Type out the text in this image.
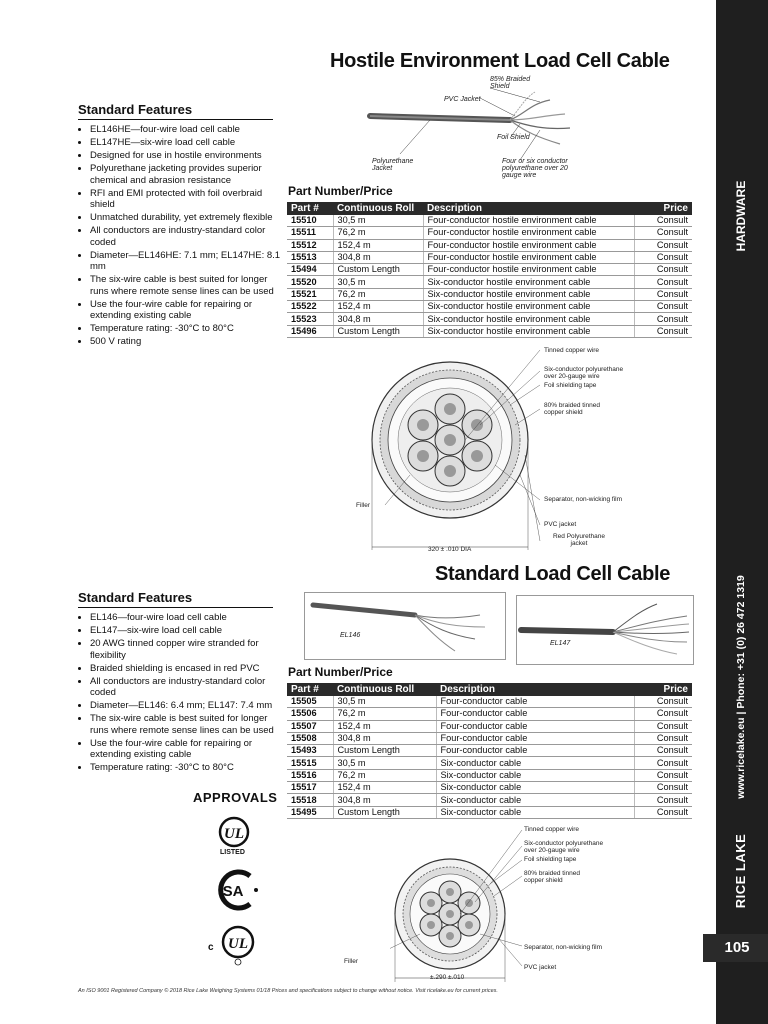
HARDWARE
www.ricelake.eu | Phone: +31 (0) 26 472 1319
RICE LAKE
105
Hostile Environment Load Cell Cable
Standard Features
• EL146HE—four-wire load cell cable
• EL147HE—six-wire load cell cable
• Designed for use in hostile environments
• Polyurethane jacketing provides superior chemical and abrasion resistance
• RFI and EMI protected with foil overbraid shield
• Unmatched durability, yet extremely flexible
• All conductors are industry-standard color coded
• Diameter—EL146HE: 7.1 mm; EL147HE: 8.1 mm
• The six-wire cable is best suited for longer runs where remote sense lines can be used
• Use the four-wire cable for repairing or extending existing cable
• Temperature rating: -30°C to 80°C
• 500 V rating
85% Braided Shield
PVC Jacket
Foil Shield
Polyurethane Jacket
Four or six conductor polyurethane over 20 gauge wire
Part Number/Price
Part #	Continuous Roll	Description	Price
15510	30,5 m	Four-conductor hostile environment cable	Consult
15511	76,2 m	Four-conductor hostile environment cable	Consult
15512	152,4 m	Four-conductor hostile environment cable	Consult
15513	304,8 m	Four-conductor hostile environment cable	Consult
15494	Custom Length	Four-conductor hostile environment cable	Consult
15520	30,5 m	Six-conductor hostile environment cable	Consult
15521	76,2 m	Six-conductor hostile environment cable	Consult
15522	152,4 m	Six-conductor hostile environment cable	Consult
15523	304,8 m	Six-conductor hostile environment cable	Consult
15496	Custom Length	Six-conductor hostile environment cable	Consult
Tinned copper wire
Six-conductor polyurethane over 20-gauge wire
Foil shielding tape
80% braided tinned copper shield
Separator, non-wicking film
Filler
PVC jacket
Red Polyurethane jacket
320 ± .010 DIA
Standard Load Cell Cable
Standard Features
• EL146—four-wire load cell cable
• EL147—six-wire load cell cable
• 20 AWG tinned copper wire stranded for flexibility
• Braided shielding is encased in red PVC
• All conductors are industry-standard color coded
• Diameter—EL146: 6.4 mm; EL147: 7.4 mm
• The six-wire cable is best suited for longer runs where remote sense lines can be used
• Use the four-wire cable for repairing or extending existing cable
• Temperature rating: -30°C to 80°C
EL146
EL147
Part Number/Price
Part #	Continuous Roll	Description	Price
15505	30,5 m	Four-conductor cable	Consult
15506	76,2 m	Four-conductor cable	Consult
15507	152,4 m	Four-conductor cable	Consult
15508	304,8 m	Four-conductor cable	Consult
15493	Custom Length	Four-conductor cable	Consult
15515	30,5 m	Six-conductor cable	Consult
15516	76,2 m	Six-conductor cable	Consult
15517	152,4 m	Six-conductor cable	Consult
15518	304,8 m	Six-conductor cable	Consult
15495	Custom Length	Six-conductor cable	Consult
APPROVALS
UL
LISTED
SA
c UL
Tinned copper wire
Six-conductor polyurethane over 20-gauge wire
Foil shielding tape
80% braided tinned copper shield
Separator, non-wicking film
Filler
PVC jacket
±.290 ±.010
An ISO 9001 Registered Company © 2018 Rice Lake Weighing Systems 01/18 Prices and specifications subject to change without notice. Visit ricelake.eu for current prices.
